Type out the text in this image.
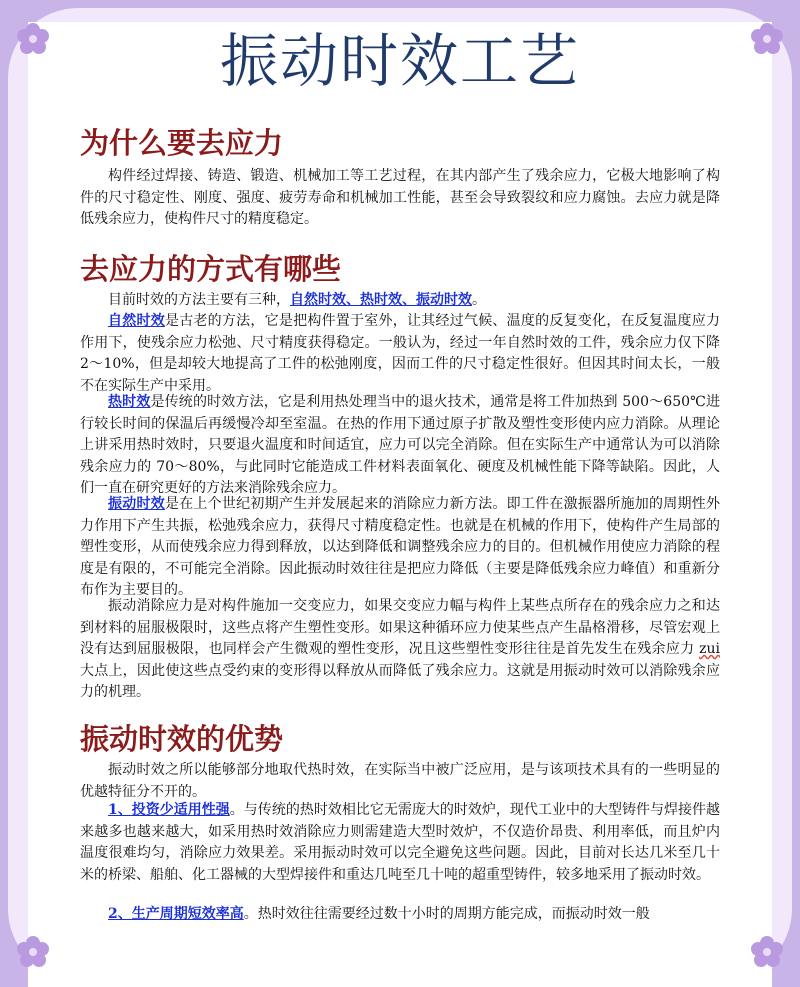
振动时效工艺
为什么要去应力

构件经过焊接、铸造、锻造、机械加工等工艺过程，在其内部产生了残余应力，它极大地影响了构件的尺寸稳定性、刚度、强度、疲劳寿命和机械加工性能，甚至会导致裂纹和应力腐蚀。去应力就是降低残余应力，使构件尺寸的精度稳定。

去应力的方式有哪些

目前时效的方法主要有三种，自然时效、热时效、振动时效。

自然时效是古老的方法，它是把构件置于室外，让其经过气候、温度的反复变化，在反复温度应力作用下，使残余应力松弛、尺寸精度获得稳定。一般认为，经过一年自然时效的工件，残余应力仅下降 2～10%，但是却较大地提高了工件的松弛刚度，因而工件的尺寸稳定性很好。但因其时间太长，一般不在实际生产中采用。

热时效是传统的时效方法，它是利用热处理当中的退火技术，通常是将工件加热到 500～650℃进行较长时间的保温后再缓慢冷却至室温。在热的作用下通过原子扩散及塑性变形使内应力消除。从理论上讲采用热时效时，只要退火温度和时间适宜，应力可以完全消除。但在实际生产中通常认为可以消除残余应力的 70～80%，与此同时它能造成工件材料表面氧化、硬度及机械性能下降等缺陷。因此，人们一直在研究更好的方法来消除残余应力。

振动时效是在上个世纪初期产生并发展起来的消除应力新方法。即工件在激振器所施加的周期性外力作用下产生共振，松弛残余应力，获得尺寸精度稳定性。也就是在机械的作用下，使构件产生局部的塑性变形，从而使残余应力得到释放，以达到降低和调整残余应力的目的。但机械作用使应力消除的程度是有限的，不可能完全消除。因此振动时效往往是把应力降低（主要是降低残余应力峰值）和重新分布作为主要目的。

振动消除应力是对构件施加一交变应力，如果交变应力幅与构件上某些点所存在的残余应力之和达到材料的屈服极限时，这些点将产生塑性变形。如果这种循环应力使某些点产生晶格滑移，尽管宏观上没有达到屈服极限，也同样会产生微观的塑性变形，况且这些塑性变形往往是首先发生在残余应力 zui 大点上，因此使这些点受约束的变形得以释放从而降低了残余应力。这就是用振动时效可以消除残余应力的机理。

振动时效的优势

振动时效之所以能够部分地取代热时效，在实际当中被广泛应用，是与该项技术具有的一些明显的优越特征分不开的。

1、投资少适用性强。与传统的热时效相比它无需庞大的时效炉，现代工业中的大型铸件与焊接件越来越多也越来越大，如采用热时效消除应力则需建造大型时效炉，不仅造价昂贵、利用率低，而且炉内温度很难均匀，消除应力效果差。采用振动时效可以完全避免这些问题。因此，目前对长达几米至几十米的桥梁、船舶、化工器械的大型焊接件和重达几吨至几十吨的超重型铸件，较多地采用了振动时效。

2、生产周期短效率高。热时效往往需要经过数十小时的周期方能完成，而振动时效一般
